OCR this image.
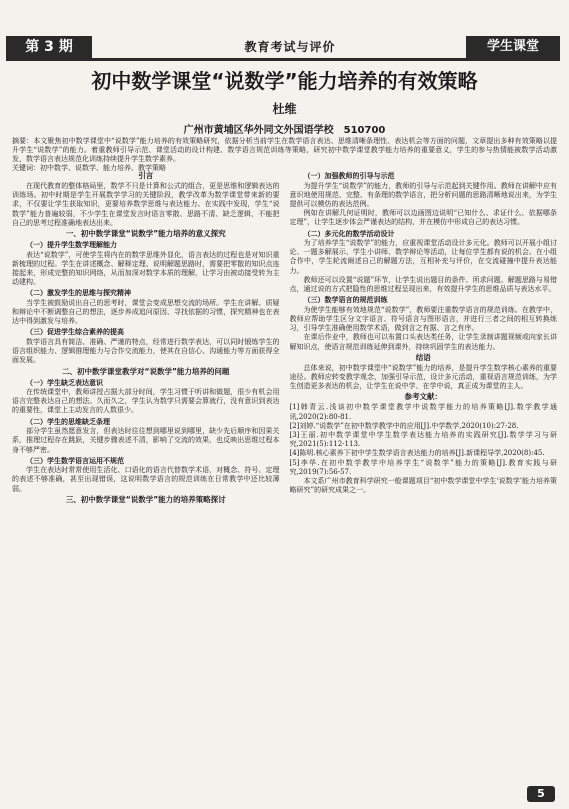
第 3 期	教育考试与评价	学生课堂
初中数学课堂“说数学”能力培养的有效策略
杜维
广州市黄埔区华外同文外国语学校　510700
摘要：本文聚焦初中数学课堂中“说数学”能力培养的有效策略研究，依据分析当前学生在数学语言表达、思维清晰条理性、表达机会等方面的问题，文章提出多种有效策略以提升学生“说数学”的能力。着重教师引导示范、课堂活动的设计构建、数学语言规范训练等策略，研究初中数学课堂教学能力培养的重要意义，学生的参与热情能被数学活动激发，数学语言表达规范化训练持续提升学生数学素养。
关键词：初中数学、说数学、能力培养、教学策略
引言

在现代教育的整体格局里，数学不只是计算和公式的组合，更是思维和逻辑表达的训练场。初中时期是学生开展数学学习的关键阶段，教学改革为数学课堂带来新的要求，不仅要让学生获取知识，更要培养数学思维与表达能力。在实践中发现，学生“说数学”能力普遍较弱，不少学生在课堂发言时语言零散、思路不清、缺乏逻辑，不能把自己的思考过程准确地表达出来。

一、初中数学课堂“说数学”能力培养的意义探究
（一）提升学生数学理解能力

表达“说数学”，可使学生将内在的数学思维外显化，语言表达的过程也是对知识重新梳理的过程。学生在讲述概念、解释定理、说明解题思路时，需要把零散的知识点连接起来，形成完整的知识网络，从而加深对数学本质的理解，让学习由被动接受转为主动建构。

（二）激发学生的思维与探究精神

当学生被鼓励说出自己的思考时，课堂会变成思想交流的场所。学生在讲解、质疑和辩论中不断调整自己的想法，逐步养成追问原因、寻找依据的习惯，探究精神也在表达中得到激发与培养。

（三）促进学生综合素养的提高

数学语言具有简洁、准确、严谨的特点，经常进行数学表达，可以同时锻炼学生的语言组织能力、逻辑推理能力与合作交流能力，使其在自信心、沟通能力等方面获得全面发展。

二、初中数学课堂教学对“说数学”能力培养的问题
（一）学生缺乏表达意识

在传统课堂中，教师讲授占据大部分时间，学生习惯于听讲和做题，很少有机会用语言完整表达自己的想法。久而久之，学生认为数学只需要会算就行，没有意识到表达的重要性，课堂上主动发言的人数很少。

（二）学生的思维缺乏条理

部分学生虽然愿意发言，但表达时往往想到哪里说到哪里，缺少先后顺序和因果关系，推理过程存在跳跃，关键步骤表述不清，影响了交流的效果，也反映出思维过程本身不够严密。

（三）学生数学语言运用不规范

学生在表达时常常使用生活化、口语化的语言代替数学术语，对概念、符号、定理的表述不够准确，甚至出现错误，这说明数学语言的规范训练在日常教学中还比较薄弱。

三、初中数学课堂“说数学”能力的培养策略探讨
（一）加强教师的引导与示范

为提升学生“说数学”的能力，教师的引导与示范起到关键作用。教师在讲解中应有意识地使用规范、完整、有条理的数学语言，把分析问题的思路清晰地说出来，为学生提供可以模仿的表达范例。

例如在讲解几何证明时，教师可以边画图边说明“已知什么、求证什么、依据哪条定理”，让学生逐步体会严谨表达的结构，并在模仿中形成自己的表达习惯。

（二）多元化的数学活动设计

为了培养学生“说数学”的能力，应重视课堂活动设计多元化。教师可以开展小组讨论、一题多解展示、学生小讲师、数学辩论等活动，让每位学生都有说的机会。在小组合作中，学生轮流阐述自己的解题方法，互相补充与评价，在交流碰撞中提升表达能力。

教师还可以设置“说题”环节，让学生说出题目的条件、所求问题、解题思路与易错点，通过说的方式把隐性的思维过程呈现出来，有效提升学生的思维品质与表达水平。

（三）数学语言的规范训练

为使学生能够有效地规范“说数学”，教师要注重数学语言的规范训练。在教学中，教师应帮助学生区分文字语言、符号语言与图形语言，并进行三者之间的相互转换练习，引导学生准确使用数学术语，做到言之有据、言之有序。

在课后作业中，教师也可以布置口头表达类任务，让学生录制讲题视频或向家长讲解知识点，使语言规范训练延伸到课外，持续巩固学生的表达能力。

结语

总体来说，初中数学课堂中“说数学”能力的培养，是提升学生数学核心素养的重要途径。教师应转变教学观念，加强引导示范，设计多元活动，重视语言规范训练，为学生创造更多表达的机会，让学生在说中学、在学中说，真正成为课堂的主人。

参考文献：

[1]韩青云.浅谈初中数学课堂教学中说数学能力的培养策略[J].数学教学通讯,2020(2):80-81.

[2]刘婷.“说数学”在初中数学教学中的应用[J].中学数学,2020(10):27-28.

[3]王丽.初中数学课堂中学生数学表达能力培养的实践研究[J].数学学习与研究,2021(5):112-113.

[4]陈明.核心素养下初中学生数学语言表达能力的培养[J].新课程导学,2020(8):45.

[5]李华.在初中数学教学中培养学生“说数学”能力的策略[J].教育实践与研究,2019(7):56-57.

本文系广州市教育科学研究一般课题项目“初中数学课堂中学生‘说数学’能力培养策略研究”的研究成果之一。

5
